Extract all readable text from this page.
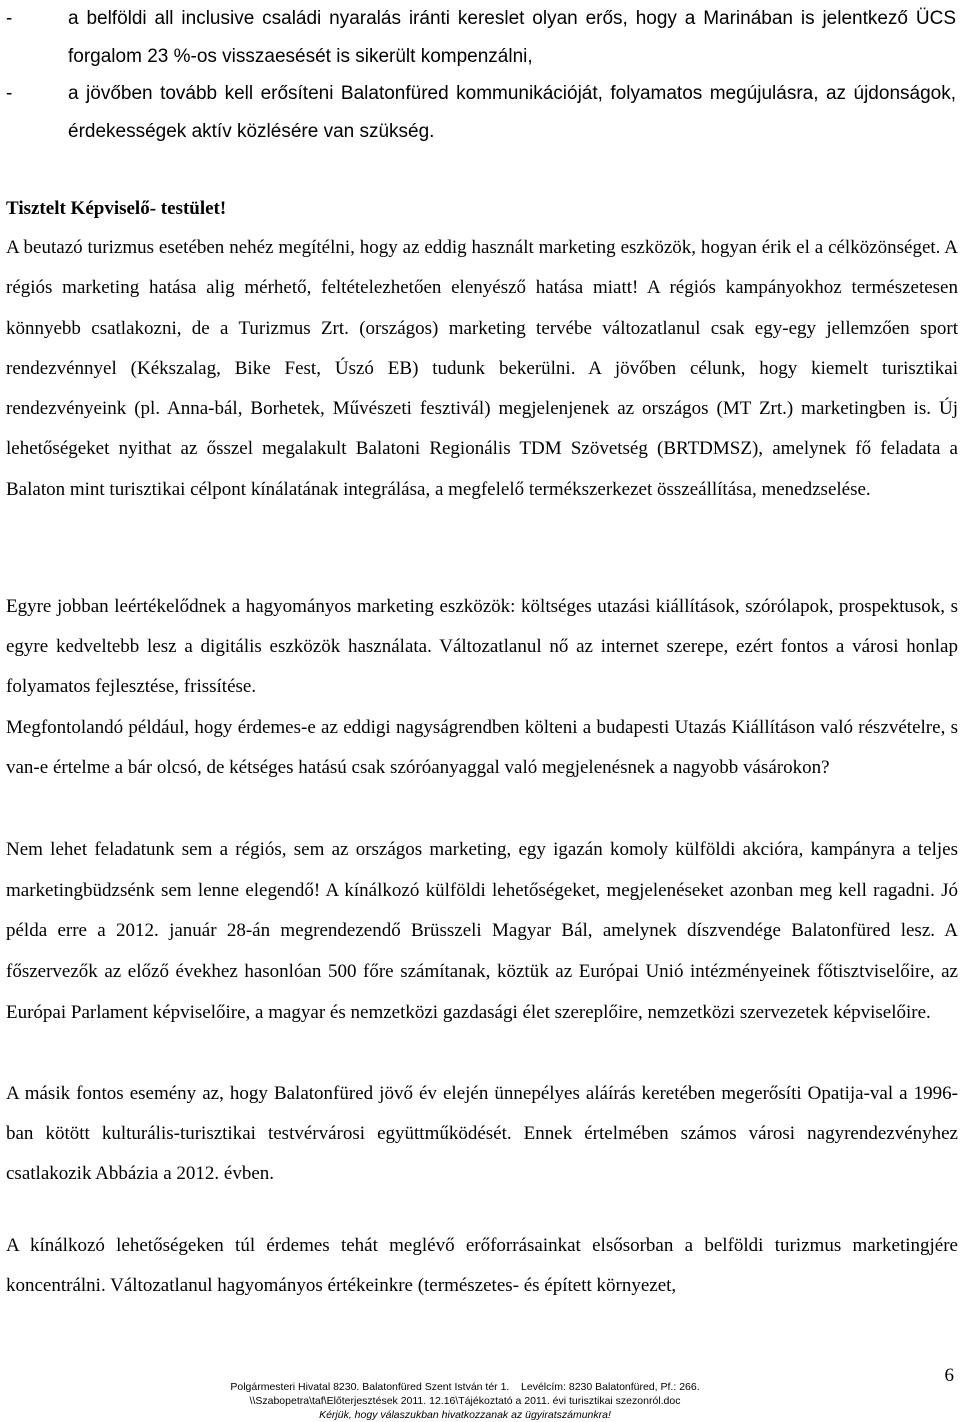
-	a belföldi all inclusive családi nyaralás iránti kereslet olyan erős, hogy a Marinában is jelentkező ÜCS forgalom 23 %-os visszaesését is sikerült kompenzálni,
-	a jövőben tovább kell erősíteni Balatonfüred kommunikációját, folyamatos megújulásra, az újdonságok, érdekességek aktív közlésére van szükség.
Tisztelt Képviselő- testület!

A beutazó turizmus esetében nehéz megítélni, hogy az eddig használt marketing eszközök, hogyan érik el a célközönséget. A régiós marketing hatása alig mérhető, feltételezhetően elenyésző hatása miatt! A régiós kampányokhoz természetesen könnyebb csatlakozni, de a Turizmus Zrt. (országos) marketing tervébe változatlanul csak egy-egy jellemzően sport rendezvénnyel (Kékszalag, Bike Fest, Úszó EB) tudunk bekerülni. A jövőben célunk, hogy kiemelt turisztikai rendezvényeink (pl. Anna-bál, Borhetek, Művészeti fesztivál) megjelenjenek az országos (MT Zrt.) marketingben is. Új lehetőségeket nyithat az ősszel megalakult Balatoni Regionális TDM Szövetség (BRTDMSZ), amelynek fő feladata a Balaton mint turisztikai célpont kínálatának integrálása, a megfelelő termékszerkezet összeállítása, menedzselése.

Egyre jobban leértékelődnek a hagyományos marketing eszközök: költséges utazási kiállítások, szórólapok, prospektusok, s egyre kedveltebb lesz a digitális eszközök használata. Változatlanul nő az internet szerepe, ezért fontos a városi honlap folyamatos fejlesztése, frissítése.

Megfontolandó például, hogy érdemes-e az eddigi nagyságrendben költeni a budapesti Utazás Kiállításon való részvételre, s van-e értelme a bár olcsó, de kétséges hatású csak szóróanyaggal való megjelenésnek a nagyobb vásárokon?

Nem lehet feladatunk sem a régiós, sem az országos marketing, egy igazán komoly külföldi akcióra, kampányra a teljes marketingbüdzsénk sem lenne elegendő! A kínálkozó külföldi lehetőségeket, megjelenéseket azonban meg kell ragadni. Jó példa erre a 2012. január 28-án megrendezendő Brüsszeli Magyar Bál, amelynek díszvendége Balatonfüred lesz. A főszervezők az előző évekhez hasonlóan 500 főre számítanak, köztük az Európai Unió intézményeinek főtisztviselőire, az Európai Parlament képviselőire, a magyar és nemzetközi gazdasági élet szereplőire, nemzetközi szervezetek képviselőire.

A másik fontos esemény az, hogy Balatonfüred jövő év elején ünnepélyes aláírás keretében megerősíti Opatija-val a 1996-ban kötött kulturális-turisztikai testvérvárosi együttműködését. Ennek értelmében számos városi nagyrendezvényhez csatlakozik Abbázia a 2012. évben.

A kínálkozó lehetőségeken túl érdemes tehát meglévő erőforrásainkat elsősorban a belföldi turizmus marketingjére koncentrálni. Változatlanul hagyományos értékeinkre (természetes- és épített környezet,

6
Polgármesteri Hivatal 8230. Balatonfüred Szent István tér 1.    Levélcím: 8230 Balatonfüred, Pf.: 266.
\\Szabopetra\taf\Előterjesztések 2011. 12.16\Tájékoztató a 2011. évi turisztikai szezonról.doc
Kérjük, hogy válaszukban hivatkozzanak az ügyiratszámunkra!
